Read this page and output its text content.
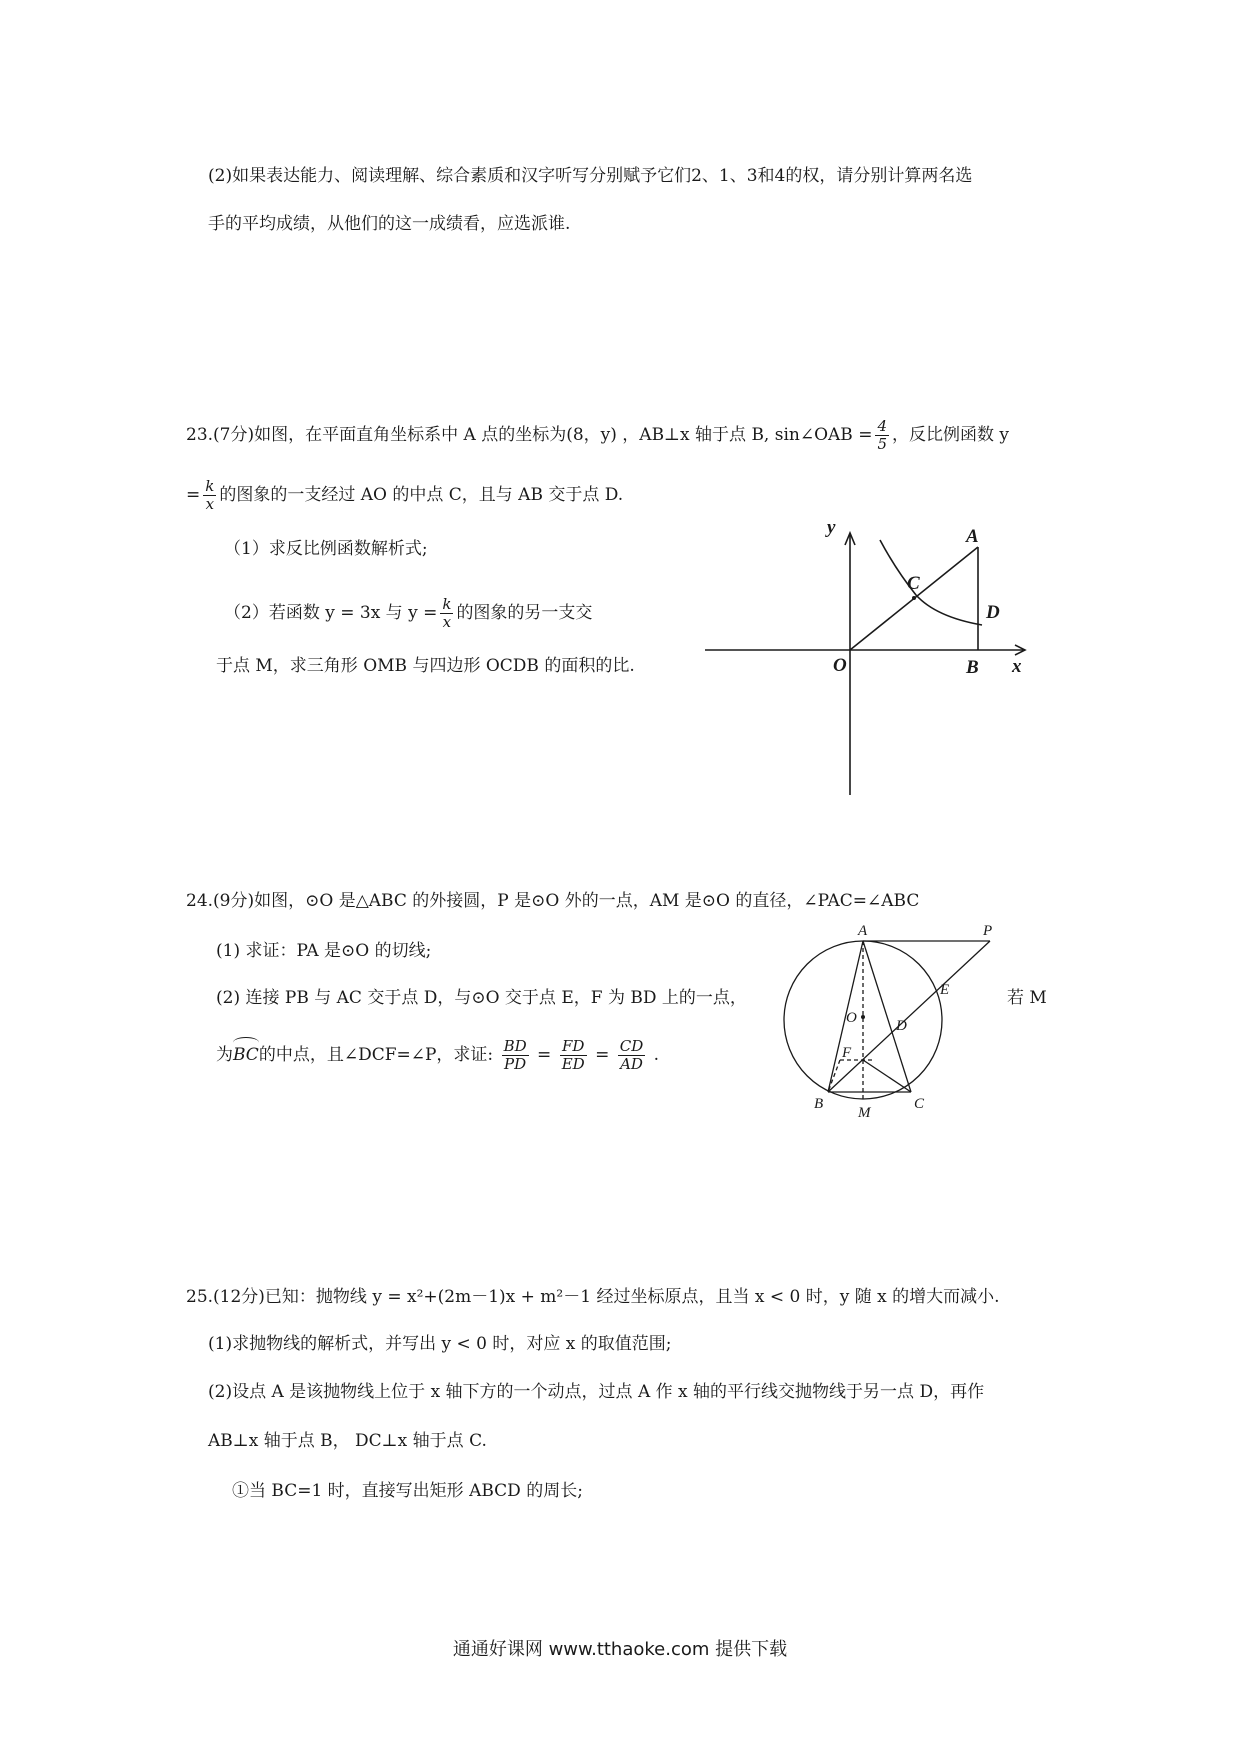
(2)如果表达能力、阅读理解、综合素质和汉字听写分别赋予它们2、1、3和4的权，请分别计算两名选
手的平均成绩，从他们的这一成绩看，应选派谁.
23.(7分)如图，在平面直角坐标系中 A 点的坐标为(8，y) ，AB⊥x 轴于点 B, sin∠OAB = $\frac{4}{5}$ ，反比例函数 y
= $\frac{k}{x}$ 的图象的一支经过 AO 的中点 C，且与 AB 交于点 D.
（1）求反比例函数解析式;
（2）若函数 y = 3x 与 $y = \frac{k}{x}$ 的图象的另一支交
于点 M，求三角形 OMB 与四边形 OCDB 的面积的比.
y
x
O
A
B
C
D
24.(9分)如图，⊙O 是△ABC 的外接圆，P 是⊙O 外的一点，AM 是⊙O 的直径，∠PAC=∠ABC
(1) 求证：PA 是⊙O 的切线;
(2) 连接 PB 与 AC 交于点 D，与⊙O 交于点 E，F 为 BD 上的一点，	若 M
为BC的中点，且∠DCF=∠P，求证: $\frac{BD}{PD} = \frac{FD}{ED} = \frac{CD}{AD}$ .
A	P
E
O	D
F
B
M
C
25.(12分)已知：抛物线 y = x²+(2m－1)x + m²－1 经过坐标原点，且当 x < 0 时，y 随 x 的增大而减小.
(1)求抛物线的解析式，并写出 y < 0 时，对应 x 的取值范围;
(2)设点 A 是该抛物线上位于 x 轴下方的一个动点，过点 A 作 x 轴的平行线交抛物线于另一点 D，再作
AB⊥x 轴于点 B， DC⊥x 轴于点 C.
①当 BC=1 时，直接写出矩形 ABCD 的周长;
通通好课网 www.tthaoke.com 提供下载
